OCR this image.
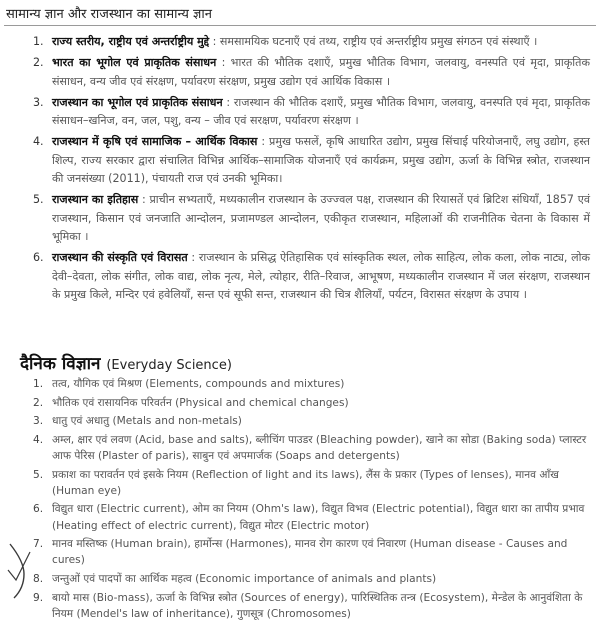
सामान्य ज्ञान और राजस्थान का सामान्य ज्ञान
1. राज्य स्तरीय, राष्ट्रीय एवं अन्तर्राष्ट्रीय मुद्दे : समसामयिक घटनाएँ एवं तथ्य, राष्ट्रीय एवं अन्तर्राष्ट्रीय प्रमुख संगठन एवं संस्थाएँ ।
2. भारत का भूगोल एवं प्राकृतिक संसाधन : भारत की भौतिक दशाएँ, प्रमुख भौतिक विभाग, जलवायु, वनस्पति एवं मृदा, प्राकृतिक संसाधन, वन्य जीव एवं संरक्षण, पर्यावरण संरक्षण, प्रमुख उद्योग एवं आर्थिक विकास ।
3. राजस्थान का भूगोल एवं प्राकृतिक संसाधन : राजस्थान की भौतिक दशाएँ, प्रमुख भौतिक विभाग, जलवायु, वनस्पति एवं मृदा, प्राकृतिक संसाधन–खनिज, वन, जल, पशु, वन्य – जीव एवं सरक्षण, पर्यावरण संरक्षण ।
4. राजस्थान में कृषि एवं सामाजिक – आर्थिक विकास : प्रमुख फसलें, कृषि आधारित उद्योग, प्रमुख सिंचाई परियोजनाएँ, लघु उद्योग, हस्त शिल्प, राज्य सरकार द्वारा संचालित विभिन्न आर्थिक–सामाजिक योजनाएँ एवं कार्यक्रम, प्रमुख उद्योग, ऊर्जा के विभिन्न स्त्रोत, राजस्थान की जनसंख्या (2011), पंचायती राज एवं उनकी भूमिका।
5. राजस्थान का इतिहास : प्राचीन सभ्यताएँ, मध्यकालीन राजस्थान के उज्ज्वल पक्ष, राजस्थान की रियासतें एवं ब्रिटिश संधियाँ, 1857 एवं राजस्थान, किसान एवं जनजाति आन्दोलन, प्रजामण्डल आन्दोलन, एकीकृत राजस्थान, महिलाओं की राजनीतिक चेतना के विकास में भूमिका ।
6. राजस्थान की संस्कृति एवं विरासत : राजस्थान के प्रसिद्ध ऐतिहासिक एवं सांस्कृतिक स्थल, लोक साहित्य, लोक कला, लोक नाट्य, लोक देवी–देवता, लोक संगीत, लोक वाद्य, लोक नृत्य, मेले, त्योहार, रीति–रिवाज, आभूषण, मध्यकालीन राजस्थान में जल संरक्षण, राजस्थान के प्रमुख किले, मन्दिर एवं हवेलियाँ, सन्त एवं सूफी सन्त, राजस्थान की चित्र शैलियाँ, पर्यटन, विरासत संरक्षण के उपाय ।
दैनिक विज्ञान (Everyday Science)
1. तत्व, यौगिक एवं मिश्रण (Elements, compounds and mixtures)
2. भौतिक एवं रासायनिक परिवर्तन (Physical and chemical changes)
3. धातु एवं अधातु (Metals and non-metals)
4. अम्ल, क्षार एवं लवण (Acid, base and salts), ब्लीचिंग पाउडर (Bleaching powder), खाने का सोडा (Baking soda) प्लास्टर आफ पेरिस (Plaster of paris), साबुन एवं अपमार्जक (Soaps and detergents)
5. प्रकाश का परावर्तन एवं इसके नियम (Reflection of light and its laws), लैंस के प्रकार (Types of lenses), मानव आँख (Human eye)
6. विद्युत धारा (Electric current), ओम का नियम (Ohm's law), विद्युत विभव (Electric potential), विद्युत धारा का तापीय प्रभाव (Heating effect of electric current), विद्युत मोटर (Electric motor)
7. मानव मस्तिष्क (Human brain), हार्मोन्स (Harmones), मानव रोग कारण एवं निवारण (Human disease - Causes and cures)
8. जन्तुओं एवं पादपों का आर्थिक महत्व (Economic importance of animals and plants)
9. बायो मास (Bio-mass), ऊर्जा के विभिन्न स्त्रोत (Sources of energy), पारिस्थितिक तन्त्र (Ecosystem), मेन्डेल के आनुवंशिता के नियम (Mendel's law of inheritance), गुणसूत्र (Chromosomes)
